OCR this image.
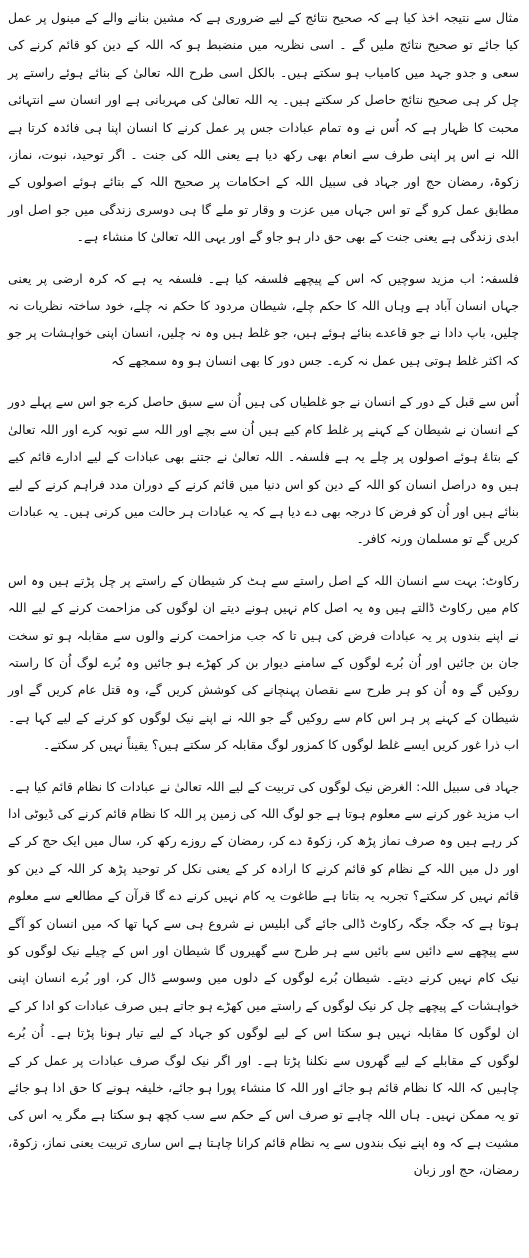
مثال سے نتیجہ اخذ کیا ہے کہ صحیح نتائج کے لیے ضروری ہے کہ مشین بنانے والے کے مینول پر عمل کیا جائے تو صحیح نتائج ملیں گے ۔ اسی نظریہ میں منضبط ہو کہ اللہ کے دین کو قائم کرنے کی سعی و جدو جہد میں کامیاب ہو سکتے ہیں۔ بالکل اسی طرح اللہ تعالیٰ کے بنائے ہوئے راستے پر چل کر ہی صحیح نتائج حاصل کر سکتے ہیں۔ یہ اللہ تعالیٰ کی مہربانی ہے اور انسان سے انتہائی محبت کا ظہار ہے کہ اُس نے وہ تمام عبادات جس پر عمل کرنے کا انسان اپنا ہی فائدہ کرتا ہے اللہ نے اس پر اپنی طرف سے انعام بھی رکھ دیا ہے یعنی اللہ کی جنت ۔ اگر توحید، نبوت، نماز، زکوۃ، رمضان حج اور جہاد فی سبیل اللہ کے احکامات پر صحیح اللہ کے بتائے ہوئے اصولوں کے مطابق عمل کرو گے تو اس جہاں میں عزت و وقار تو ملے گا ہی دوسری زندگی میں جو اصل اور ابدی زندگی ہے یعنی جنت کے بھی حق دار ہو جاو گے اور یہی اللہ تعالیٰ کا منشاء ہے۔

فلسفہ: اب مزید سوچیں کہ اس کے پیچھے فلسفہ کیا ہے۔ فلسفہ یہ ہے کہ کرہ ارضی پر یعنی جہاں انسان آباد ہے وہاں اللہ کا حکم چلے، شیطان مردود کا حکم نہ چلے، خود ساختہ نظریات نہ چلیں، باپ دادا نے جو قاعدے بنائے ہوئے ہیں، جو غلط ہیں وہ نہ چلیں، انسان اپنی خواہشات پر جو کہ اکثر غلط ہوتی ہیں عمل نہ کرے۔ جس دور کا بھی انسان ہو وہ سمجھے کہ

اُس سے قبل کے دور کے انسان نے جو غلطیاں کی ہیں اُن سے سبق حاصل کرے جو اس سے پہلے دور کے انسان نے شیطان کے کہنے پر غلط کام کیے ہیں اُن سے بچے اور اللہ سے توبہ کرے اور اللہ تعالیٰ کے بتاۓ ہوئے اصولوں پر چلے یہ ہے فلسفہ۔ اللہ تعالیٰ نے جتنے بھی عبادات کے لیے ادارے قائم کیے ہیں وہ دراصل انسان کو اللہ کے دین کو اس دنیا میں قائم کرنے کے دوران مدد فراہم کرنے کے لیے بنائے ہیں اور اُن کو فرض کا درجہ بھی دے دیا ہے کہ یہ عبادات ہر حالت میں کرنی ہیں۔ یہ عبادات کریں گے تو مسلمان ورنہ کافر۔

رکاوٹ: بہت سے انسان اللہ کے اصل راستے سے ہٹ کر شیطان کے راستے پر چل پڑتے ہیں وہ اس کام میں رکاوٹ ڈالتے ہیں وہ یہ اصل کام نہیں ہونے دیتے ان لوگوں کی مزاحمت کرنے کے لیے اللہ نے اپنے بندوں پر یہ عبادات فرض کی ہیں تا کہ جب مزاحمت کرنے والوں سے مقابلہ ہو تو سخت جان بن جائیں اور اُن بُرے لوگوں کے سامنے دیوار بن کر کھڑے ہو جائیں وہ بُرے لوگ اُن کا راستہ روکیں گے وہ اُن کو ہر طرح سے نقصان پہنچانے کی کوشش کریں گے، وہ قتل عام کریں گے اور شیطان کے کہنے پر ہر اس کام سے روکیں گے جو اللہ نے اپنے نیک لوگوں کو کرنے کے لیے کہا ہے۔ اب ذرا غور کریں ایسے غلط لوگوں کا کمزور لوگ مقابلہ کر سکتے ہیں؟ یقیناً نہیں کر سکتے۔

جہاد فی سبیل اللہ: الغرض نیک لوگوں کی تربیت کے لیے اللہ تعالیٰ نے عبادات کا نظام قائم کیا ہے۔ اب مزید غور کرنے سے معلوم ہوتا ہے جو لوگ اللہ کی زمین پر اللہ کا نظام قائم کرنے کی ڈیوٹی ادا کر رہے ہیں وہ صرف نماز پڑھ کر، زکوۃ دے کر، رمضان کے روزے رکھ کر، سال میں ایک حج کر کے اور دل میں اللہ کے نظام کو قائم کرنے کا ارادہ کر کے یعنی نکل کر توحید پڑھ کر اللہ کے دین کو قائم نہیں کر سکتے؟ تجربہ یہ بتاتا ہے طاغوت یہ کام نہیں کرنے دے گا قرآن کے مطالعے سے معلوم ہوتا ہے کہ جگہ جگہ رکاوٹ ڈالی جائے گی ابلیس نے شروع ہی سے کہا تھا کہ میں انسان کو آگے سے پیچھے سے دائیں سے بائیں سے ہر طرح سے گھیروں گا شیطان اور اس کے چیلے نیک لوگوں کو نیک کام نہیں کرنے دیتے۔ شیطان بُرے لوگوں کے دلوں میں وسوسے ڈال کر، اور بُرے انسان اپنی خواہشات کے پیچھے چل کر نیک لوگوں کے راستے میں کھڑے ہو جاتے ہیں صرف عبادات کو ادا کر کے ان لوگوں کا مقابلہ نہیں ہو سکتا اس کے لیے لوگوں کو جہاد کے لیے تیار ہونا پڑتا ہے۔ اُن بُرے لوگوں کے مقابلے کے لیے گھروں سے نکلنا پڑتا ہے۔ اور اگر نیک لوگ صرف عبادات پر عمل کر کے چاہیں کہ اللہ کا نظام قائم ہو جائے اور اللہ کا منشاء پورا ہو جائے، خلیفہ ہونے کا حق ادا ہو جائے تو یہ ممکن نہیں۔ ہاں اللہ چاہے تو صرف اس کے حکم سے سب کچھ ہو سکتا ہے مگر یہ اس کی مشیت ہے کہ وہ اپنے نیک بندوں سے یہ نظام قائم کرانا چاہتا ہے اس ساری تربیت یعنی نماز، زکوۃ، رمضان، حج اور زبان
